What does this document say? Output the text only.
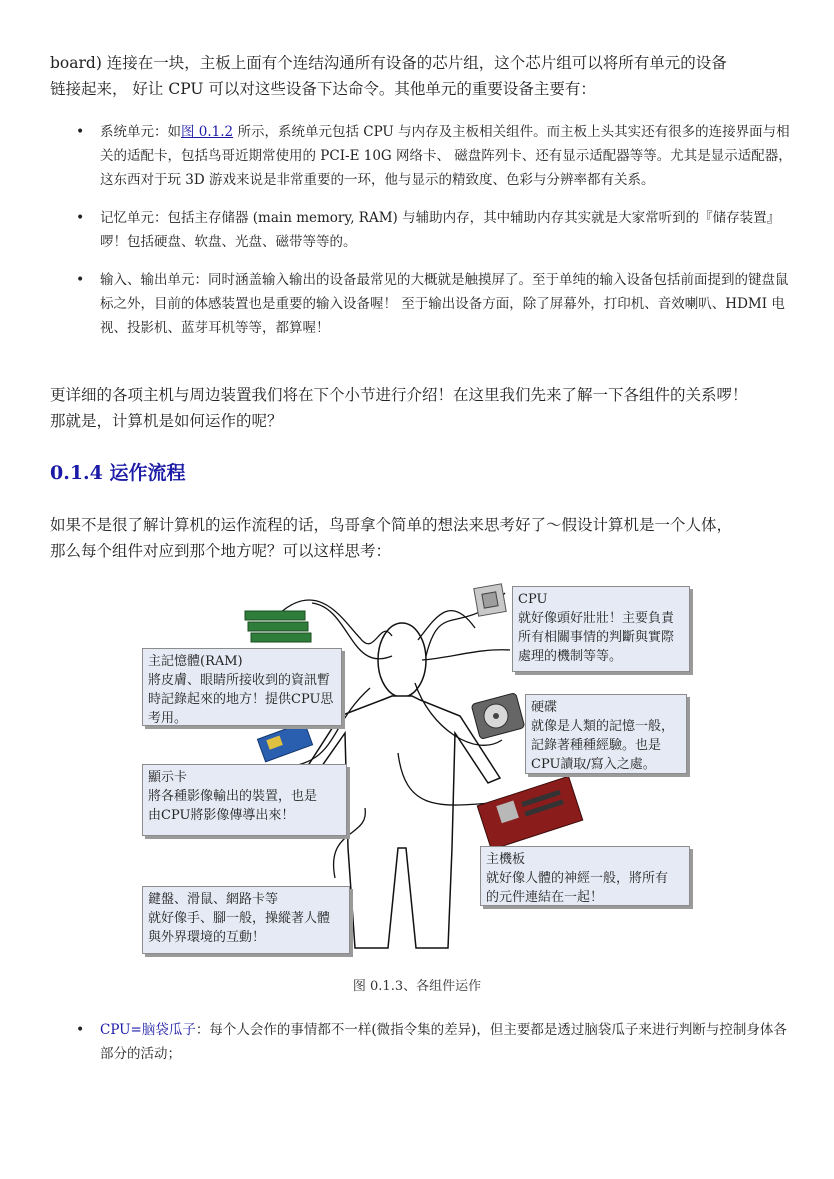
board) 连接在一块，主板上面有个连结沟通所有设备的芯片组，这个芯片组可以将所有单元的设备
链接起来， 好让 CPU 可以对这些设备下达命令。其他单元的重要设备主要有：

• 系统单元：如图 0.1.2 所示，系统单元包括 CPU 与内存及主板相关组件。而主板上头其实还有很多的连接界面与相关的适配卡，包括鸟哥近期常使用的 PCI-E 10G 网络卡、 磁盘阵列卡、还有显示适配器等等。尤其是显示适配器，这东西对于玩 3D 游戏来说是非常重要的一环，他与显示的精致度、色彩与分辨率都有关系。
• 记忆单元：包括主存储器 (main memory, RAM) 与辅助内存，其中辅助内存其实就是大家常听到的『储存装置』啰！包括硬盘、软盘、光盘、磁带等等的。
• 输入、输出单元：同时涵盖输入输出的设备最常见的大概就是触摸屏了。至于单纯的输入设备包括前面提到的键盘鼠标之外，目前的体感装置也是重要的输入设备喔！ 至于输出设备方面，除了屏幕外，打印机、音效喇叭、HDMI 电视、投影机、蓝芽耳机等等，都算喔！

更详细的各项主机与周边装置我们将在下个小节进行介绍！在这里我们先来了解一下各组件的关系啰！
那就是，计算机是如何运作的呢？

0.1.4 运作流程

如果不是很了解计算机的运作流程的话，鸟哥拿个简单的想法来思考好了～假设计算机是一个人体，
那么每个组件对应到那个地方呢？可以这样思考：

CPU
就好像頭好壯壯！主要負責
所有相關事情的判斷與實際
處理的機制等等。
主記憶體(RAM)
將皮膚、眼睛所接收到的資訊暫
時記錄起來的地方！提供CPU思
考用。
硬碟
就像是人類的記憶一般，
記錄著種種經驗。也是
CPU讀取/寫入之處。
顯示卡
將各種影像輸出的裝置，也是
由CPU將影像傳導出來！
主機板
就好像人體的神經一般，將所有
的元件連結在一起！
鍵盤、滑鼠、網路卡等
就好像手、腳一般，操縱著人體
與外界環境的互動！
图 0.1.3、各组件运作
• CPU=脑袋瓜子：每个人会作的事情都不一样(微指令集的差异)，但主要都是透过脑袋瓜子来进行判断与控制身体各部分的活动；
